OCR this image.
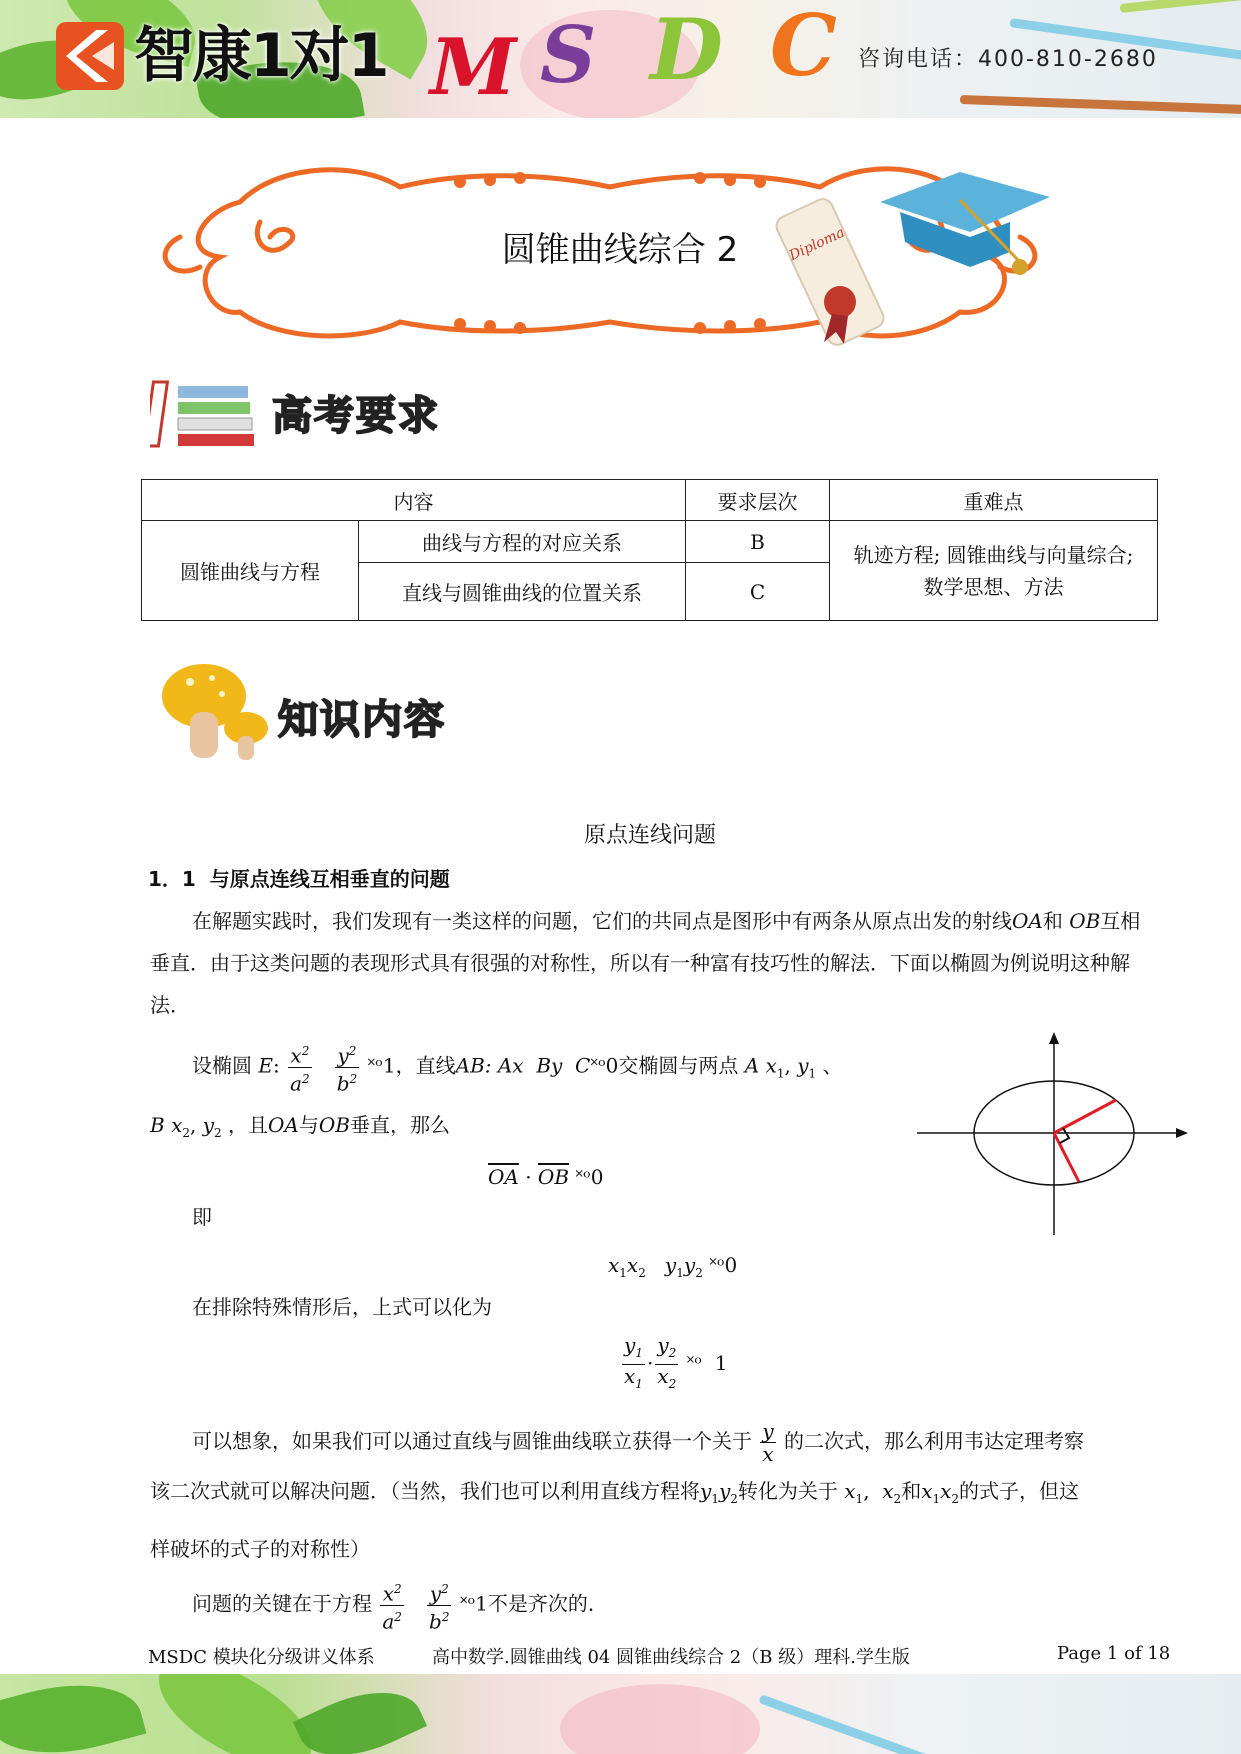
智康1对1 M S D C 咨询电话：400-810-2680
Diploma
圆锥曲线综合 2
高考要求
内容		要求层次	重难点
圆锥曲线与方程	曲线与方程的对应关系	B	轨迹方程; 圆锥曲线与向量综合;
数学思想、方法
	直线与圆锥曲线的位置关系	C	
知识内容
原点连线问题
1．1 与原点连线互相垂直的问题
在解题实践时，我们发现有一类这样的问题，它们的共同点是图形中有两条从原点出发的射线OA和 OB互相垂直．由于这类问题的表现形式具有很强的对称性，所以有一种富有技巧性的解法．下面以椭圆为例说明这种解法．
设椭圆 E: $\frac{x^2}{a^2}$
$\frac{y^2}{b^2}$ ˟ᵒ1，直线AB: Ax By C˟ᵒ0交椭圆与两点 A $x_1$, $y_1$ 、
B $x_2$, $y_2$ ，且OA与OB垂直，那么
$\overline{OA} \cdot \overline{OB}$ ˟ᵒ0
即
$x_1x_2$ $y_1y_2$ ˟ᵒ0
在排除特殊情形后，上式可以化为
$\frac{y_1}{x_1} \cdot \frac{y_2}{x_2}$ ˟ᵒ 1
可以想象，如果我们可以通过直线与圆锥曲线联立获得一个关于 $\frac{y}{x}$ 的二次式，那么利用韦达定理考察
该二次式就可以解决问题．（当然，我们也可以利用直线方程将$y_1y_2$转化为关于 $x_1$,  $x_2$和$x_1x_2$的式子，但这
样破坏的式子的对称性）
问题的关键在于方程 $\frac{x^2}{a^2}$
$\frac{y^2}{b^2}$ ˟ᵒ1不是齐次的．
MSDC 模块化分级讲义体系	高中数学.圆锥曲线 04 圆锥曲线综合 2（B 级）理科.学生版	Page 1 of 18
